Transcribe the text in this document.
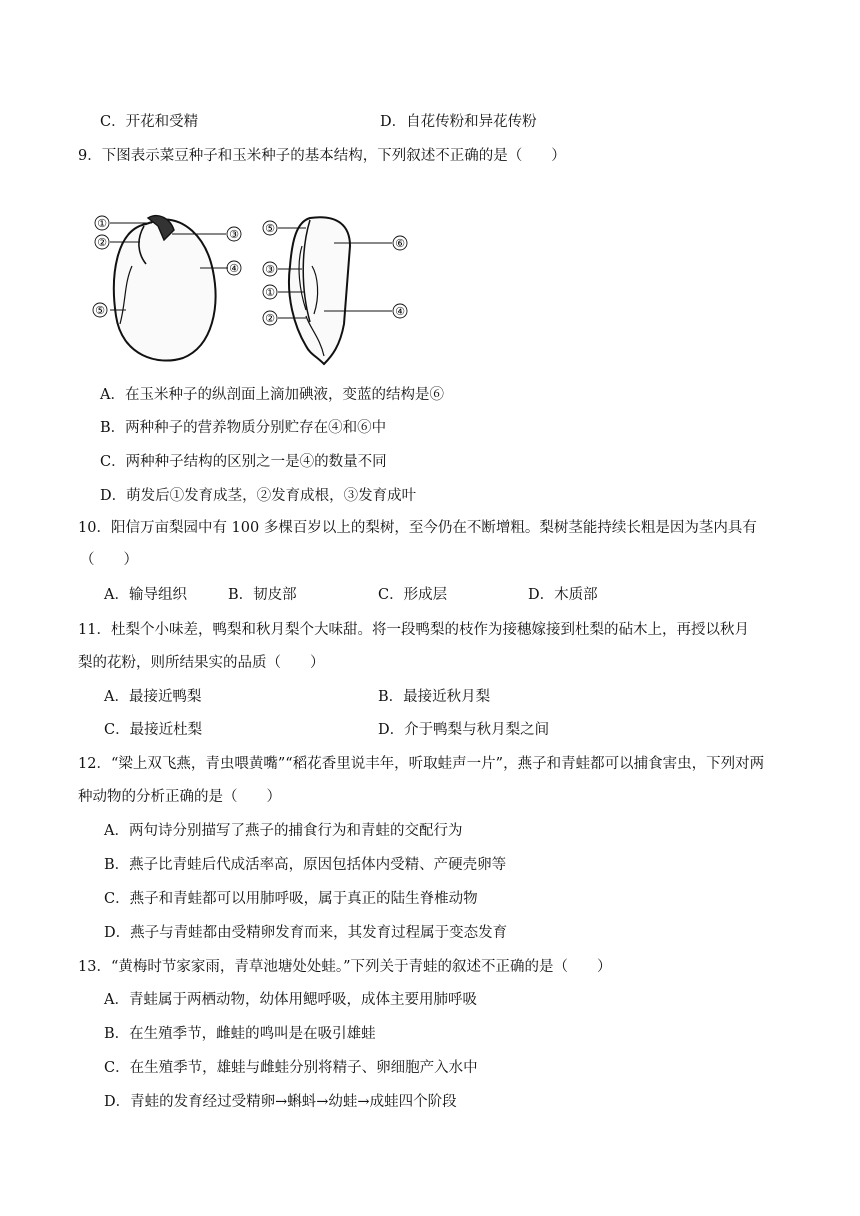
C．开花和受精	D．自花传粉和异花传粉
9．下图表示菜豆种子和玉米种子的基本结构，下列叙述不正确的是（　　）
①
②
③
④
⑤
⑤
⑥
③
①
②
④
A．在玉米种子的纵剖面上滴加碘液，变蓝的结构是⑥
B．两种种子的营养物质分别贮存在④和⑥中
C．两种种子结构的区别之一是④的数量不同
D．萌发后①发育成茎，②发育成根，③发育成叶
10．阳信万亩梨园中有 100 多棵百岁以上的梨树，至今仍在不断增粗。梨树茎能持续长粗是因为茎内具有
（　　）
A．输导组织	B．韧皮部	C．形成层	D．木质部
11．杜梨个小味差，鸭梨和秋月梨个大味甜。将一段鸭梨的枝作为接穗嫁接到杜梨的砧木上，再授以秋月
梨的花粉，则所结果实的品质（　　）
A．最接近鸭梨	B．最接近秋月梨
C．最接近杜梨	D．介于鸭梨与秋月梨之间
12．“梁上双飞燕，青虫喂黄嘴”“稻花香里说丰年，听取蛙声一片”，燕子和青蛙都可以捕食害虫，下列对两
种动物的分析正确的是（　　）
A．两句诗分别描写了燕子的捕食行为和青蛙的交配行为
B．燕子比青蛙后代成活率高，原因包括体内受精、产硬壳卵等
C．燕子和青蛙都可以用肺呼吸，属于真正的陆生脊椎动物
D．燕子与青蛙都由受精卵发育而来，其发育过程属于变态发育
13．“黄梅时节家家雨，青草池塘处处蛙。”下列关于青蛙的叙述不正确的是（　　）
A．青蛙属于两栖动物，幼体用鳃呼吸，成体主要用肺呼吸
B．在生殖季节，雌蛙的鸣叫是在吸引雄蛙
C．在生殖季节，雄蛙与雌蛙分别将精子、卵细胞产入水中
D．青蛙的发育经过受精卵→蝌蚪→幼蛙→成蛙四个阶段
